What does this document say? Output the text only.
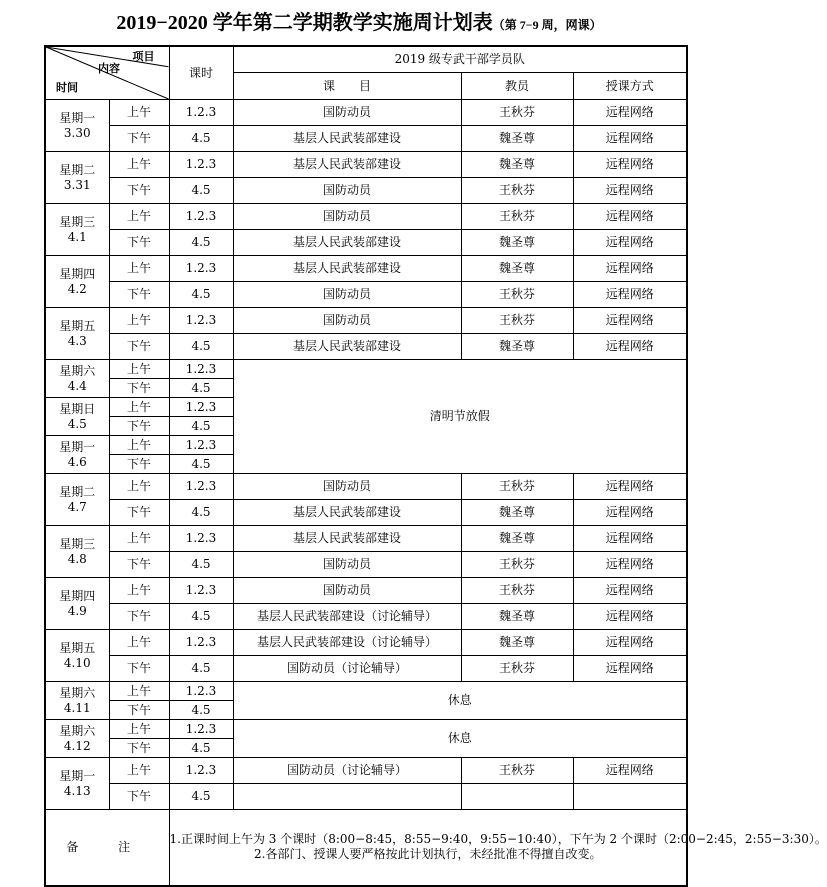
2019−2020 学年第二学期教学实施周计划表（第 7−9 周，网课）
项目
内容
时间		课时	2019 级专武干部学员队		
			课　　目	教员	授课方式

星期一
3.30	上午	1.2.3	国防动员	王秋芬	远程网络
	下午	4.5	基层人民武装部建设	魏圣尊	远程网络

星期二
3.31	上午	1.2.3	基层人民武装部建设	魏圣尊	远程网络
	下午	4.5	国防动员	王秋芬	远程网络

星期三
4.1	上午	1.2.3	国防动员	王秋芬	远程网络
	下午	4.5	基层人民武装部建设	魏圣尊	远程网络

星期四
4.2	上午	1.2.3	基层人民武装部建设	魏圣尊	远程网络
	下午	4.5	国防动员	王秋芬	远程网络

星期五
4.3	上午	1.2.3	国防动员	王秋芬	远程网络
	下午	4.5	基层人民武装部建设	魏圣尊	远程网络

星期六
4.4	上午	1.2.3	清明节放假		
	下午	4.5			

星期日
4.5	上午	1.2.3			
	下午	4.5			

星期一
4.6	上午	1.2.3			
	下午	4.5			

星期二
4.7	上午	1.2.3	国防动员	王秋芬	远程网络
	下午	4.5	基层人民武装部建设	魏圣尊	远程网络

星期三
4.8	上午	1.2.3	基层人民武装部建设	魏圣尊	远程网络
	下午	4.5	国防动员	王秋芬	远程网络

星期四
4.9	上午	1.2.3	国防动员	王秋芬	远程网络
	下午	4.5	基层人民武装部建设（讨论辅导）	魏圣尊	远程网络

星期五
4.10	上午	1.2.3	基层人民武装部建设（讨论辅导）	魏圣尊	远程网络
	下午	4.5	国防动员（讨论辅导）	王秋芬	远程网络

星期六
4.11	上午	1.2.3	休息		
	下午	4.5			

星期六
4.12	上午	1.2.3	休息		
	下午	4.5			

星期一
4.13	上午	1.2.3	国防动员（讨论辅导）	王秋芬	远程网络
	下午	4.5			
备 注		1.正课时间上午为 3 个课时（8:00−8:45，8:55−9:40，9:55−10:40），下午为 2 个课时（2:00−2:45，2:55−3:30）。
2.各部门、授课人要严格按此计划执行，未经批准不得擅自改变。			
